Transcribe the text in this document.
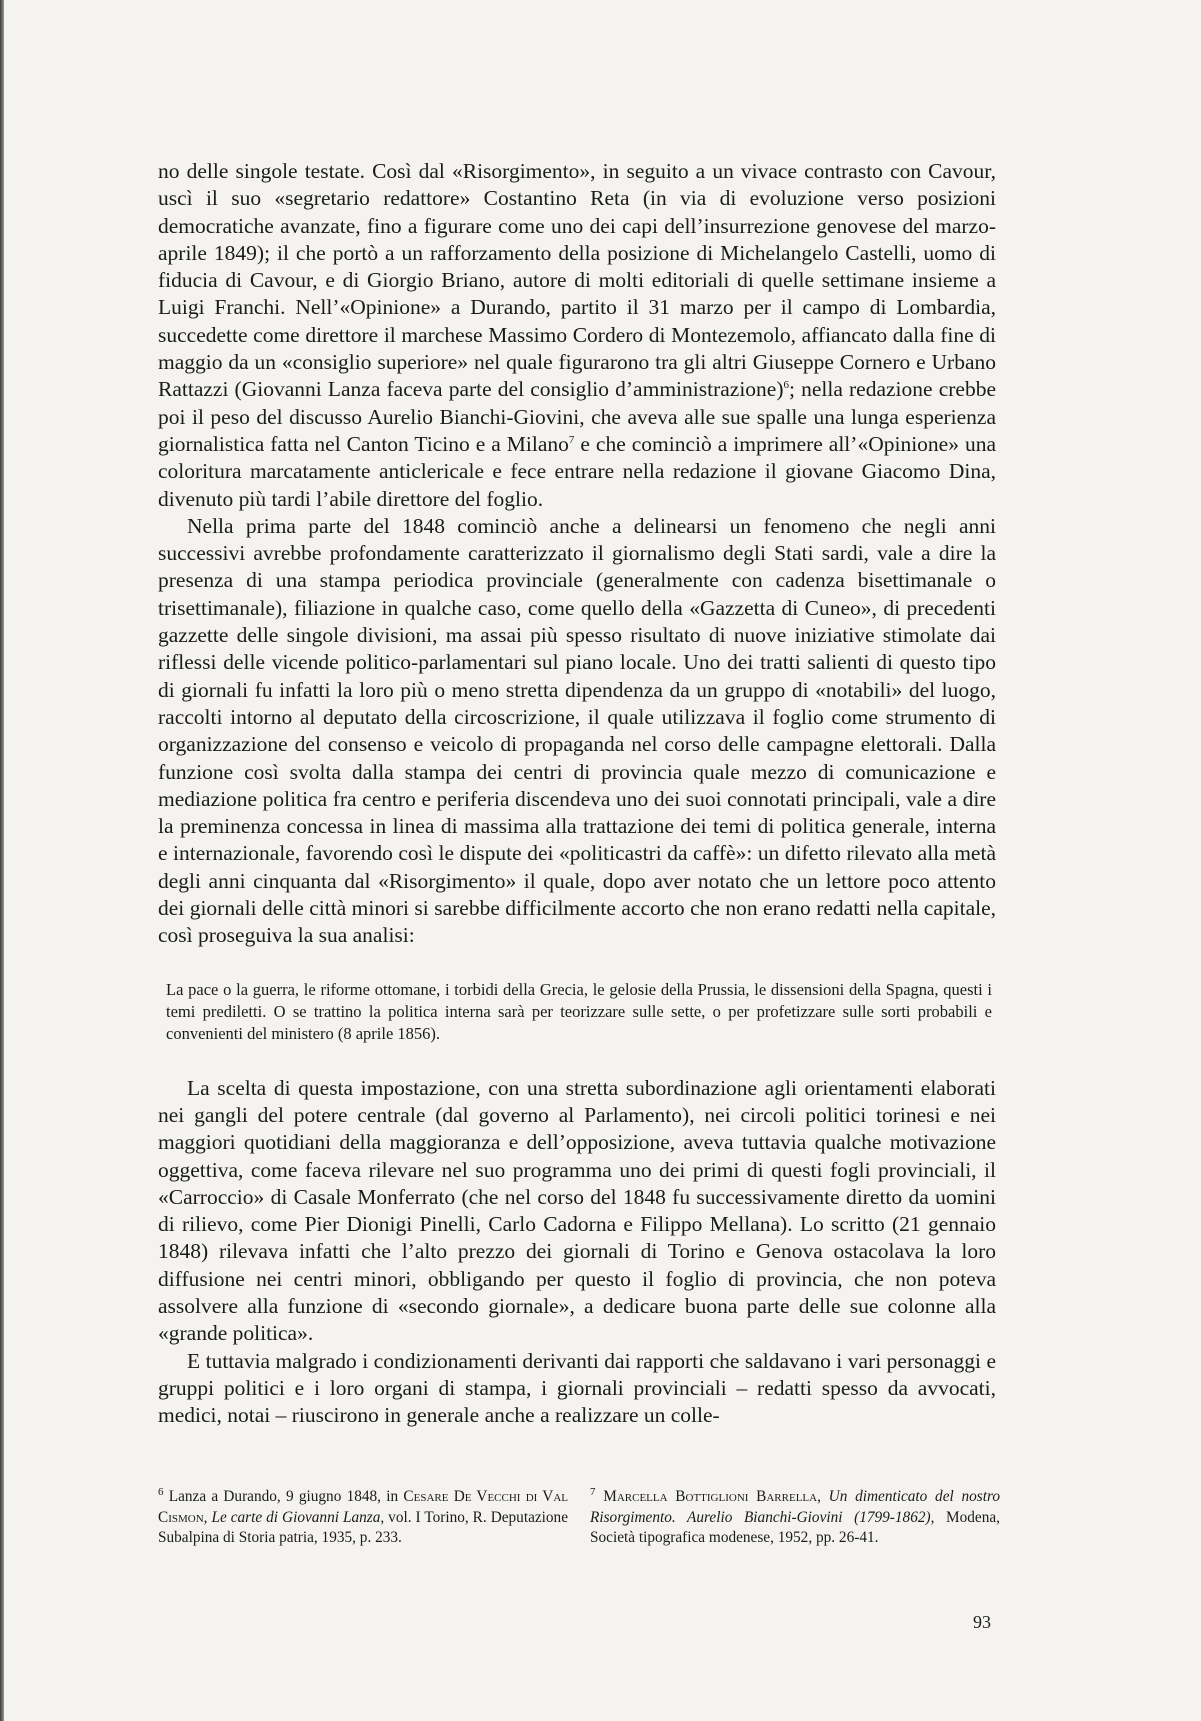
no delle singole testate. Così dal «Risorgimento», in seguito a un vivace contrasto con Cavour, uscì il suo «segretario redattore» Costantino Reta (in via di evoluzione verso posizioni democratiche avanzate, fino a figurare come uno dei capi dell’insurrezione genovese del marzo-aprile 1849); il che portò a un rafforzamento della posizione di Michelangelo Castelli, uomo di fiducia di Cavour, e di Giorgio Briano, autore di molti editoriali di quelle settimane insieme a Luigi Franchi. Nell’«Opinione» a Durando, partito il 31 marzo per il campo di Lombardia, succedette come direttore il marchese Massimo Cordero di Montezemolo, affiancato dalla fine di maggio da un «consiglio superiore» nel quale figurarono tra gli altri Giuseppe Cornero e Urbano Rattazzi (Giovanni Lanza faceva parte del consiglio d’amministrazione)$^6$; nella redazione crebbe poi il peso del discusso Aurelio Bianchi-Giovini, che aveva alle sue spalle una lunga esperienza giornalistica fatta nel Canton Ticino e a Milano$^7$ e che cominciò a imprimere all’«Opinione» una coloritura marcatamente anticlericale e fece entrare nella redazione il giovane Giacomo Dina, divenuto più tardi l’abile direttore del foglio.

Nella prima parte del 1848 cominciò anche a delinearsi un fenomeno che negli anni successivi avrebbe profondamente caratterizzato il giornalismo degli Stati sardi, vale a dire la presenza di una stampa periodica provinciale (generalmente con cadenza bisettimanale o trisettimanale), filiazione in qualche caso, come quello della «Gazzetta di Cuneo», di precedenti gazzette delle singole divisioni, ma assai più spesso risultato di nuove iniziative stimolate dai riflessi delle vicende politico-parlamentari sul piano locale. Uno dei tratti salienti di questo tipo di giornali fu infatti la loro più o meno stretta dipendenza da un gruppo di «notabili» del luogo, raccolti intorno al deputato della circoscrizione, il quale utilizzava il foglio come strumento di organizzazione del consenso e veicolo di propaganda nel corso delle campagne elettorali. Dalla funzione così svolta dalla stampa dei centri di provincia quale mezzo di comunicazione e mediazione politica fra centro e periferia discendeva uno dei suoi connotati principali, vale a dire la preminenza concessa in linea di massima alla trattazione dei temi di politica generale, interna e internazionale, favorendo così le dispute dei «politicastri da caffè»: un difetto rilevato alla metà degli anni cinquanta dal «Risorgimento» il quale, dopo aver notato che un lettore poco attento dei giornali delle città minori si sarebbe difficilmente accorto che non erano redatti nella capitale, così proseguiva la sua analisi:

La pace o la guerra, le riforme ottomane, i torbidi della Grecia, le gelosie della Prussia, le dissensioni della Spagna, questi i temi prediletti. O se trattino la politica interna sarà per teorizzare sulle sette, o per profetizzare sulle sorti probabili e convenienti del ministero (8 aprile 1856).

La scelta di questa impostazione, con una stretta subordinazione agli orientamenti elaborati nei gangli del potere centrale (dal governo al Parlamento), nei circoli politici torinesi e nei maggiori quotidiani della maggioranza e dell’opposizione, aveva tuttavia qualche motivazione oggettiva, come faceva rilevare nel suo programma uno dei primi di questi fogli provinciali, il «Carroccio» di Casale Monferrato (che nel corso del 1848 fu successivamente diretto da uomini di rilievo, come Pier Dionigi Pinelli, Carlo Cadorna e Filippo Mellana). Lo scritto (21 gennaio 1848) rilevava infatti che l’alto prezzo dei giornali di Torino e Genova ostacolava la loro diffusione nei centri minori, obbligando per questo il foglio di provincia, che non poteva assolvere alla funzione di «secondo giornale», a dedicare buona parte delle sue colonne alla «grande politica».

E tuttavia malgrado i condizionamenti derivanti dai rapporti che saldavano i vari personaggi e gruppi politici e i loro organi di stampa, i giornali provinciali – redatti spesso da avvocati, medici, notai – riuscirono in generale anche a realizzare un colle-

$^6$ Lanza a Durando, 9 giugno 1848, in Cesare De Vecchi di Val Cismon, Le carte di Giovanni Lanza, vol. I Torino, R. Deputazione Subalpina di Storia patria, 1935, p. 233.
$^7$ Marcella Bottiglioni Barrella, Un dimenticato del nostro Risorgimento. Aurelio Bianchi-Giovini (1799-1862), Modena, Società tipografica modenese, 1952, pp. 26-41.
93
